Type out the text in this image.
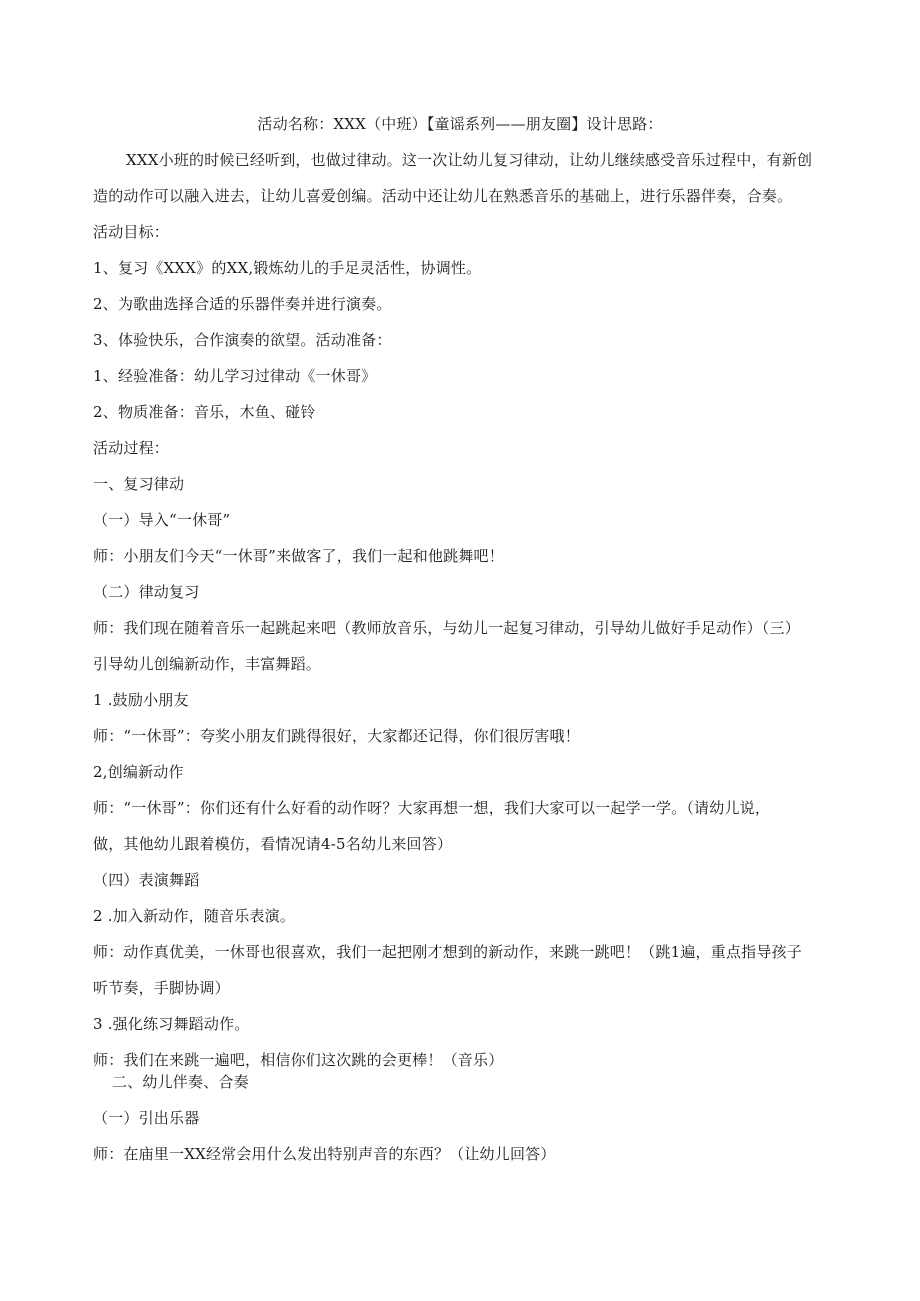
活动名称：XXX（中班）【童谣系列——朋友圈】设计思路：
XXX小班的时候已经听到，也做过律动。这一次让幼儿复习律动，让幼儿继续感受音乐过程中，有新创
造的动作可以融入进去，让幼儿喜爱创编。活动中还让幼儿在熟悉音乐的基础上，进行乐器伴奏，合奏。
活动目标：
1、复习《XXX》的XX,锻炼幼儿的手足灵活性，协调性。
2、为歌曲选择合适的乐器伴奏并进行演奏。
3、体验快乐，合作演奏的欲望。活动准备：
1、经验准备：幼儿学习过律动《一休哥》
2、物质准备：音乐，木鱼、碰铃
活动过程：
一、复习律动
（一）导入“一休哥”
师：小朋友们今天“一休哥”来做客了，我们一起和他跳舞吧！
（二）律动复习
师：我们现在随着音乐一起跳起来吧（教师放音乐，与幼儿一起复习律动，引导幼儿做好手足动作）（三）
引导幼儿创编新动作，丰富舞蹈。
1 .鼓励小朋友
师：“一休哥”：夸奖小朋友们跳得很好，大家都还记得，你们很厉害哦！
2,创编新动作
师：“一休哥”：你们还有什么好看的动作呀？大家再想一想，我们大家可以一起学一学。（请幼儿说，
做，其他幼儿跟着模仿，看情况请4-5名幼儿来回答）
（四）表演舞蹈
2 .加入新动作，随音乐表演。
师：动作真优美，一休哥也很喜欢，我们一起把刚才想到的新动作，来跳一跳吧！（跳1遍，重点指导孩子
听节奏，手脚协调）
3 .强化练习舞蹈动作。
师：我们在来跳一遍吧，相信你们这次跳的会更棒！（音乐）
二、幼儿伴奏、合奏
（一）引出乐器
师：在庙里一XX经常会用什么发出特别声音的东西？（让幼儿回答）
